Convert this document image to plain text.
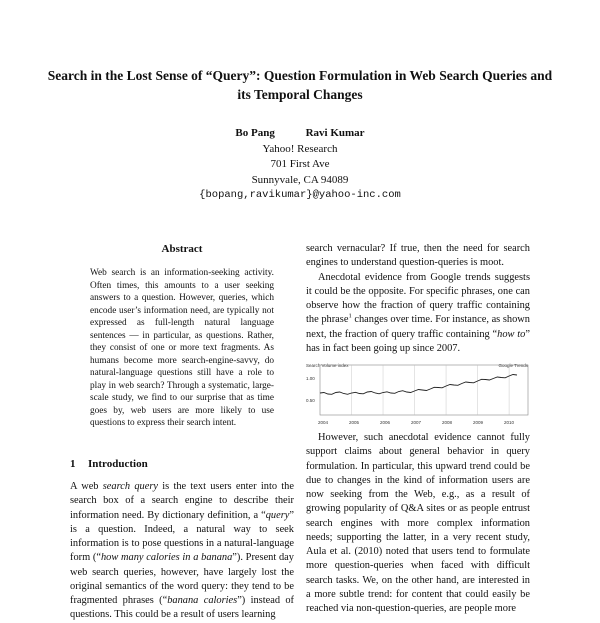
Search in the Lost Sense of “Query”: Question Formulation in Web Search Queries and its Temporal Changes
Bo Pang	Ravi Kumar
Yahoo! Research
701 First Ave
Sunnyvale, CA 94089
{bopang,ravikumar}@yahoo-inc.com
Abstract
Web search is an information-seeking activity. Often times, this amounts to a user seeking answers to a question. However, queries, which encode user’s information need, are typically not expressed as full-length natural language sentences — in particular, as questions. Rather, they consist of one or more text fragments. As humans become more search-engine-savvy, do natural-language questions still have a role to play in web search? Through a systematic, large-scale study, we find to our surprise that as time goes by, web users are more likely to use questions to express their search intent.
1 Introduction

A web search query is the text users enter into the search box of a search engine to describe their information need. By dictionary definition, a “query” is a question. Indeed, a natural way to seek information is to pose questions in a natural-language form (“how many calories in a banana”). Present day web search queries, however, have largely lost the original semantics of the word query: they tend to be fragmented phrases (“banana calories”) instead of questions. This could be a result of users learning

search vernacular? If true, then the need for search engines to understand question-queries is moot.

Anecdotal evidence from Google trends suggests it could be the opposite. For specific phrases, one can observe how the fraction of query traffic containing the phrase$^1$ changes over time. For instance, as shown next, the fraction of query traffic containing “how to” has in fact been going up since 2007.

Search Volume index	Google Trends
1.00
0.50
2004	2005	2006	2007	2008	2009	2010

However, such anecdotal evidence cannot fully support claims about general behavior in query formulation. In particular, this upward trend could be due to changes in the kind of information users are now seeking from the Web, e.g., as a result of growing popularity of Q&A sites or as people entrust search engines with more complex information needs; supporting the latter, in a very recent study, Aula et al. (2010) noted that users tend to formulate more question-queries when faced with difficult search tasks. We, on the other hand, are interested in a more subtle trend: for content that could easily be reached via non-question-queries, are people more
